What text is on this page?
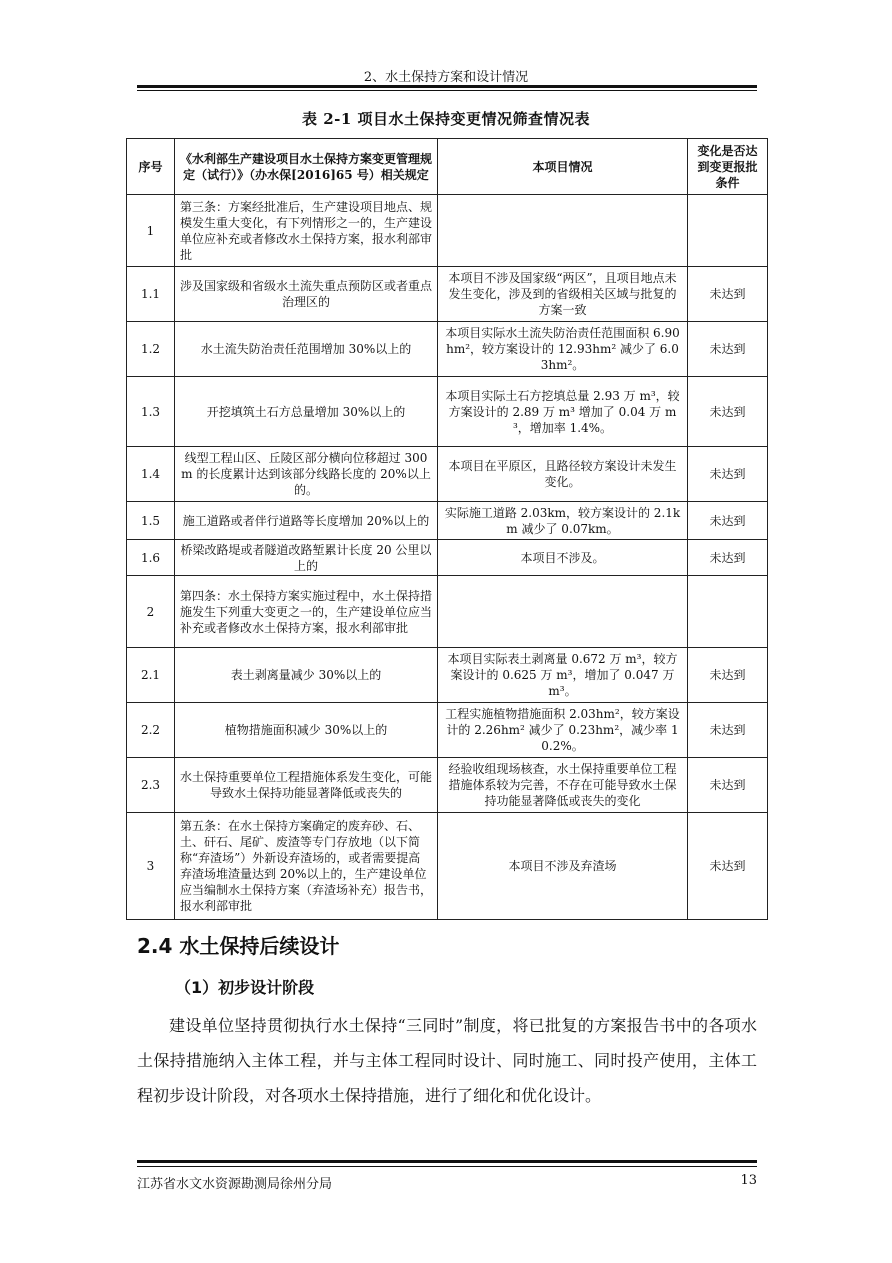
2、水土保持方案和设计情况
表 2-1 项目水土保持变更情况筛查情况表
序号	《水利部生产建设项目水土保持方案变更管理规定（试行）》（办水保[2016]65 号）相关规定	本项目情况	变化是否达到变更报批条件
1	第三条：方案经批准后，生产建设项目地点、规模发生重大变化，有下列情形之一的，生产建设单位应补充或者修改水土保持方案，报水利部审批		
1.1	涉及国家级和省级水土流失重点预防区或者重点治理区的	本项目不涉及国家级“两区”，且项目地点未发生变化，涉及到的省级相关区域与批复的方案一致	未达到
1.2	水土流失防治责任范围增加 30%以上的	本项目实际水土流失防治责任范围面积 6.90hm²，较方案设计的 12.93hm² 减少了 6.03hm²。	未达到
1.3	开挖填筑土石方总量增加 30%以上的	本项目实际土石方挖填总量 2.93 万 m³，较方案设计的 2.89 万 m³ 增加了 0.04 万 m³，增加率 1.4%。	未达到
1.4	线型工程山区、丘陵区部分横向位移超过 300m 的长度累计达到该部分线路长度的 20%以上的。	本项目在平原区，且路径较方案设计未发生变化。	未达到
1.5	施工道路或者伴行道路等长度增加 20%以上的	实际施工道路 2.03km，较方案设计的 2.1km 减少了 0.07km。	未达到
1.6	桥梁改路堤或者隧道改路堑累计长度 20 公里以上的	本项目不涉及。	未达到
2	第四条：水土保持方案实施过程中，水土保持措施发生下列重大变更之一的，生产建设单位应当补充或者修改水土保持方案，报水利部审批		
2.1	表土剥离量减少 30%以上的	本项目实际表土剥离量 0.672 万 m³，较方案设计的 0.625 万 m³，增加了 0.047 万 m³。	未达到
2.2	植物措施面积减少 30%以上的	工程实施植物措施面积 2.03hm²，较方案设计的 2.26hm² 减少了 0.23hm²，减少率 10.2%。	未达到
2.3	水土保持重要单位工程措施体系发生变化，可能导致水土保持功能显著降低或丧失的	经验收组现场核查，水土保持重要单位工程措施体系较为完善，不存在可能导致水土保持功能显著降低或丧失的变化	未达到
3	第五条：在水土保持方案确定的废弃砂、石、土、矸石、尾矿、废渣等专门存放地（以下简称“弃渣场”）外新设弃渣场的，或者需要提高弃渣场堆渣量达到 20%以上的，生产建设单位应当编制水土保持方案（弃渣场补充）报告书，报水利部审批	本项目不涉及弃渣场	未达到
2.4 水土保持后续设计
（1）初步设计阶段
建设单位坚持贯彻执行水土保持“三同时”制度，将已批复的方案报告书中的各项水土保持措施纳入主体工程，并与主体工程同时设计、同时施工、同时投产使用，主体工程初步设计阶段，对各项水土保持措施，进行了细化和优化设计。
江苏省水文水资源勘测局徐州分局	13
